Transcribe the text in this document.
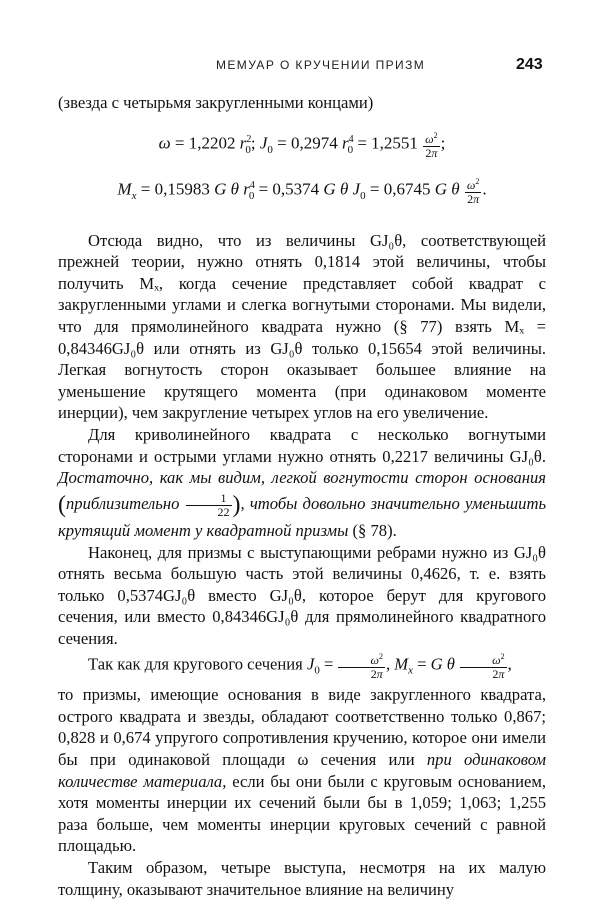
МЕМУАР О КРУЧЕНИИ ПРИЗМ	243

(звезда с четырьмя закругленными концами)

ω = 1,2202 $r^2_0$; $J_0 = 0,2974$ $r^4_0 = 1,2551 \frac{\omega^2}{2\pi}$ ;
$M_x = 0,15983$ G θ $r^4_0 = 0,5374$ G θ $J_0 = 0,6745$ G θ $\frac{\omega^2}{2\pi}$ .

Отсюда видно, что из величины GJ₀θ, соответствующей прежней теории, нужно отнять 0,1814 этой величины, чтобы получить Mₓ, когда сечение представляет собой квадрат с закругленными углами и слегка вогнутыми сторонами. Мы видели, что для прямолинейного квадрата нужно (§ 77) взять Mₓ = 0,84346GJ₀θ или отнять из GJ₀θ только 0,15654 этой величины. Легкая вогнутость сторон оказывает большее влияние на уменьшение крутящего момента (при одинаковом моменте инерции), чем закругление четырех углов на его увеличение.

Для криволинейного квадрата с несколько вогнутыми сторонами и острыми углами нужно отнять 0,2217 величины GJ₀θ. Достаточно, как мы видим, легкой вогнутости сторон основания (приблизительно $\frac{1}{22}$ ), чтобы довольно значительно уменьшить крутящий момент у квадратной призмы (§ 78).

Наконец, для призмы с выступающими ребрами нужно из GJ₀θ отнять весьма большую часть этой величины 0,4626, т. е. взять только 0,5374GJ₀θ вместо GJ₀θ, которое берут для кругового сечения, или вместо 0,84346GJ₀θ для прямолинейного квадратного сечения.

Так как для кругового сечения $J_0 = \frac{\omega^2}{2\pi}$ , $M_x = G$ θ $\frac{\omega^2}{2\pi}$ ,

то призмы, имеющие основания в виде закругленного квадрата, острого квадрата и звезды, обладают соответственно только 0,867; 0,828 и 0,674 упругого сопротивления кручению, которое они имели бы при одинаковой площади ω сечения или при одинаковом количестве материала, если бы они были с круговым основанием, хотя моменты инерции их сечений были бы в 1,059; 1,063; 1,255 раза больше, чем моменты инерции круговых сечений с равной площадью.

Таким образом, четыре выступа, несмотря на их малую толщину, оказывают значительное влияние на величину
